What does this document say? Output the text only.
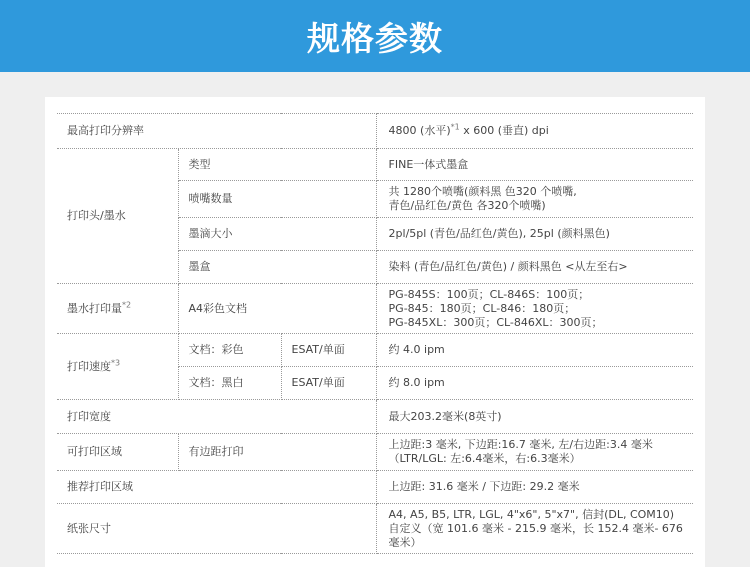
规格参数
最高打印分辨率			4800 (水平)$^{*1}$ x 600 (垂直) dpi
打印头/墨水	类型		FINE一体式墨盒
	喷嘴数量		共 1280个喷嘴(颜料黑 色320 个喷嘴,
青色/品红色/黄色 各320个喷嘴)

	墨滴大小		2pl/5pl (青色/品红色/黄色), 25pl (颜料黑色)
	墨盒		染料 (青色/品红色/黄色) / 颜料黑色 <从左至右>
墨水打印量$^{*2}$	A4彩色文档		PG-845S：100页；CL-846S：100页；
PG-845：180页；CL-846：180页；
PG-845XL：300页；CL-846XL：300页；

打印速度$^{*3}$	文档：彩色	ESAT/单面	约 4.0 ipm
	文档：黑白	ESAT/单面	约 8.0 ipm
打印宽度			最大203.2毫米(8英寸)
可打印区域	有边距打印		上边距:3 毫米, 下边距:16.7 毫米, 左/右边距:3.4 毫米
（LTR/LGL: 左:6.4毫米，右:6.3毫米）

推荐打印区域			上边距: 31.6 毫米 / 下边距: 29.2 毫米
纸张尺寸			A4, A5, B5, LTR, LGL, 4"x6", 5"x7", 信封(DL, COM10)
自定义（宽 101.6 毫米 - 215.9 毫米，长 152.4 毫米- 676
毫米）
